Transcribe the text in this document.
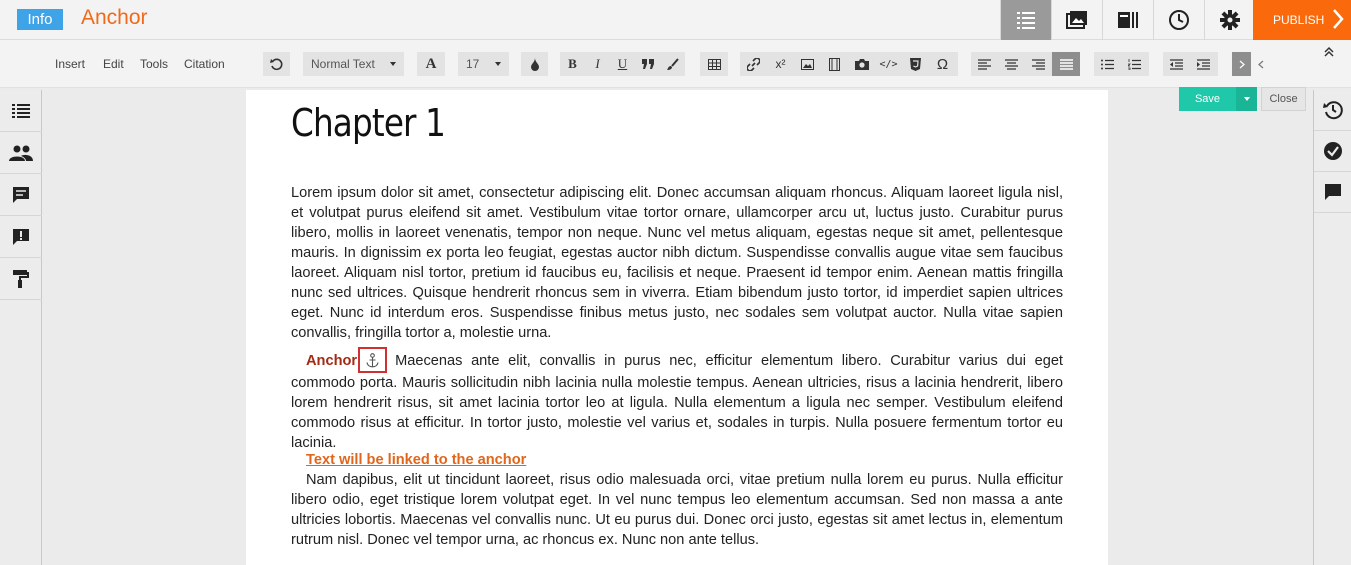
Info	Anchor	PUBLISH
Insert Edit Tools Citation	Normal Text	A	17	B	I	U	x²	</>	Ω
Save	Close
Chapter 1
Lorem ipsum dolor sit amet, consectetur adipiscing elit. Donec accumsan aliquam rhoncus. Aliquam laoreet ligula nisl, et volutpat purus eleifend sit amet. Vestibulum vitae tortor ornare, ullamcorper arcu ut, luctus justo. Curabitur purus libero, mollis in laoreet venenatis, tempor non neque. Nunc vel metus aliquam, egestas neque sit amet, pellentesque mauris. In dignissim ex porta leo feugiat, egestas auctor nibh dictum. Suspendisse convallis augue vitae sem faucibus laoreet. Aliquam nisl tortor, pretium id faucibus eu, facilisis et neque. Praesent id tempor enim. Aenean mattis fringilla nunc sed ultrices. Quisque hendrerit rhoncus sem in viverra. Etiam bibendum justo tortor, id imperdiet sapien ultrices eget. Nunc id interdum eros. Suspendisse finibus metus justo, nec sodales sem volutpat auctor. Nulla vitae sapien convallis, fringilla tortor a, molestie urna.
Anchor	Maecenas ante elit, convallis in purus nec, efficitur elementum libero. Curabitur varius dui eget commodo porta. Mauris sollicitudin nibh lacinia nulla molestie tempus. Aenean ultricies, risus a lacinia hendrerit, libero lorem hendrerit risus, sit amet lacinia tortor leo at ligula. Nulla elementum a ligula nec semper. Vestibulum eleifend commodo risus at efficitur. In tortor justo, molestie vel varius et, sodales in turpis. Nulla posuere fermentum tortor eu lacinia.
Text will be linked to the anchor
Nam dapibus, elit ut tincidunt laoreet, risus odio malesuada orci, vitae pretium nulla lorem eu purus. Nulla efficitur libero odio, eget tristique lorem volutpat eget. In vel nunc tempus leo elementum accumsan. Sed non massa a ante ultricies lobortis. Maecenas vel convallis nunc. Ut eu purus dui. Donec orci justo, egestas sit amet lectus in, elementum rutrum nisl. Donec vel tempor urna, ac rhoncus ex. Nunc non ante tellus.
